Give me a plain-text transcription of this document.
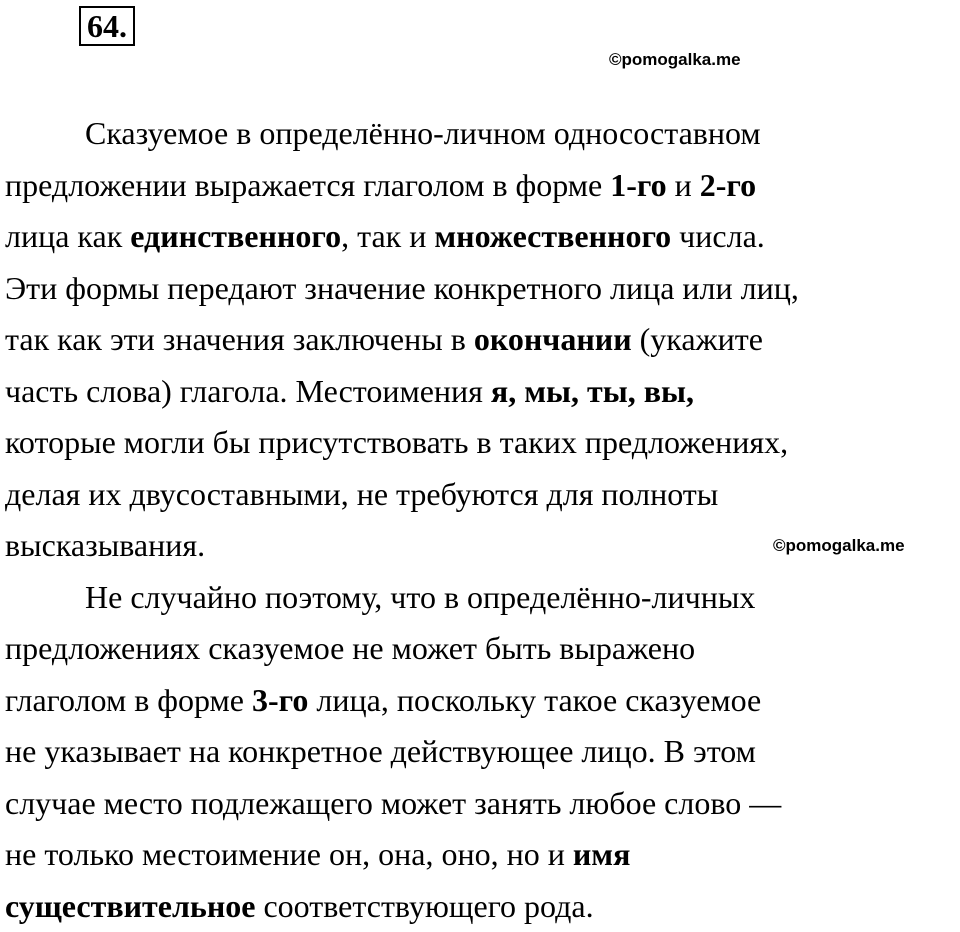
64.
©pomogalka.me
©pomogalka.me
Сказуемое в определённо-личном односоставном
предложении выражается глаголом в форме 1-го и 2-го
лица как единственного, так и множественного числа.
Эти формы передают значение конкретного лица или лиц,
так как эти значения заключены в окончании (укажите
часть слова) глагола. Местоимения я, мы, ты, вы,
которые могли бы присутствовать в таких предложениях,
делая их двусоставными, не требуются для полноты
высказывания.
Не случайно поэтому, что в определённо-личных
предложениях сказуемое не может быть выражено
глаголом в форме 3-го лица, поскольку такое сказуемое
не указывает на конкретное действующее лицо. В этом
случае место подлежащего может занять любое слово —
не только местоимение он, она, оно, но и имя
существительное соответствующего рода.
